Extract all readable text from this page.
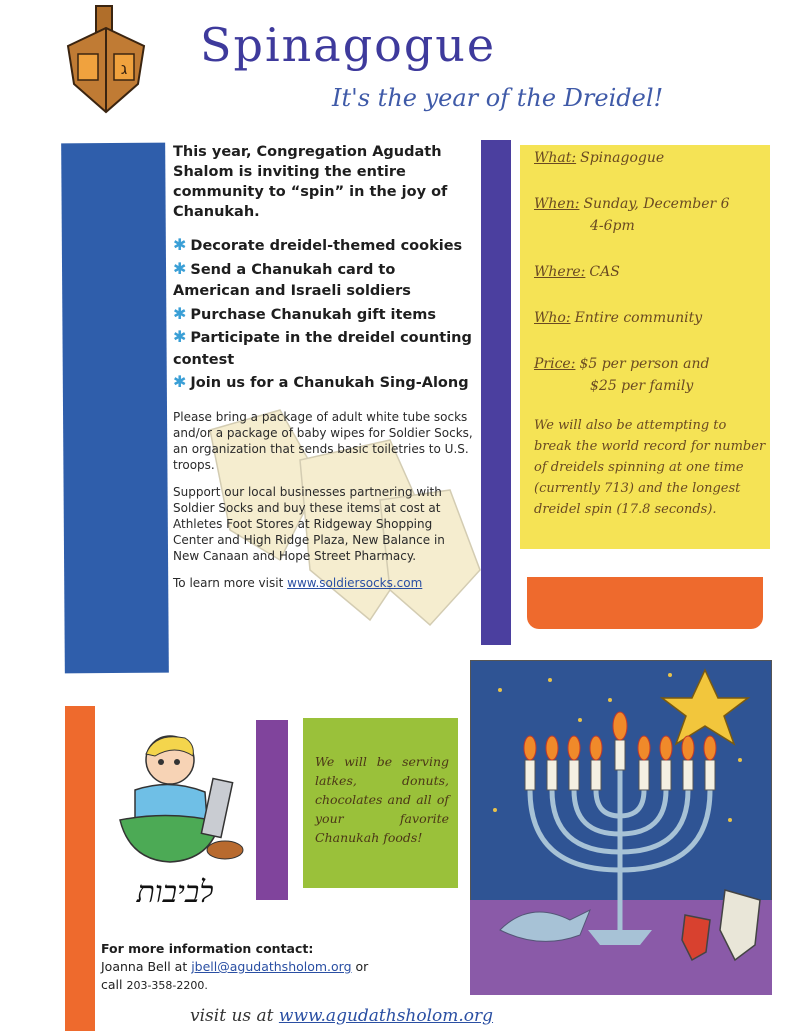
ג Spinagogue
It's the year of the Dreidel!

This year, Congregation Agudath Shalom is inviting the entire community to “spin” in the joy of Chanukah.

✱ Decorate dreidel-themed cookies
✱ Send a Chanukah card to American and Israeli soldiers
✱ Purchase Chanukah gift items
✱ Participate in the dreidel counting contest
✱ Join us for a Chanukah Sing-Along

Please bring a package of adult white tube socks and/or a package of baby wipes for Soldier Socks, an organization that sends basic toiletries to U.S. troops.

Support our local businesses partnering with Soldier Socks and buy these items at cost at Athletes Foot Stores at Ridgeway Shopping Center and High Ridge Plaza, New Balance in New Canaan and Hope Street Pharmacy.

To learn more visit www.soldiersocks.com

What: Spinagogue
When: Sunday, December 6
4-6pm
Where: CAS
Who: Entire community
Price: $5 per person and
$25 per family
We will also be attempting to break the world record for number of dreidels spinning at one time (currently 713) and the longest dreidel spin (17.8 seconds).
לביבות
We will be serving latkes, donuts, chocolates and all of your favorite Chanukah foods!
For more information contact:
Joanna Bell at jbell@agudathsholom.org or
call 203-358-2200.
visit us at www.agudathsholom.org
